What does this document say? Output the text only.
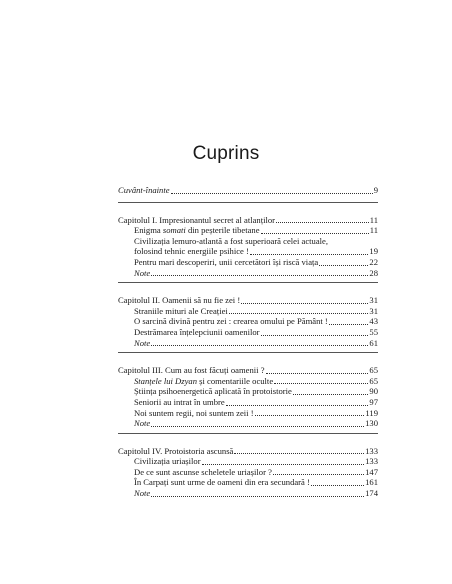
Cuprins
Cuvânt-înainte	9
Capitolul I. Impresionantul secret al atlanților	11
Enigma somati din peșterile tibetane	11
Civilizația lemuro-atlantă a fost superioară celei actuale,
folosind tehnic energiile psihice !	19
Pentru mari descoperiri, unii cercetători își riscă viața	22
Note	28
Capitolul II. Oamenii să nu fie zei !	31
Straniile mituri ale Creației	31
O sarcină divină pentru zei : crearea omului pe Pământ !	43
Destrămarea înțelepciunii oamenilor	55
Note	61
Capitolul III. Cum au fost făcuți oamenii ?	65
Stanțele lui Dzyan și comentariile oculte	65
Știința psihoenergetică aplicată în protoistorie	90
Seniorii au intrat în umbre	97
Noi suntem regii, noi suntem zeii !	119
Note	130
Capitolul IV. Protoistoria ascunsă	133
Civilizația uriașilor	133
De ce sunt ascunse scheletele uriașilor ?	147
În Carpați sunt urme de oameni din era secundară !	161
Note	174
